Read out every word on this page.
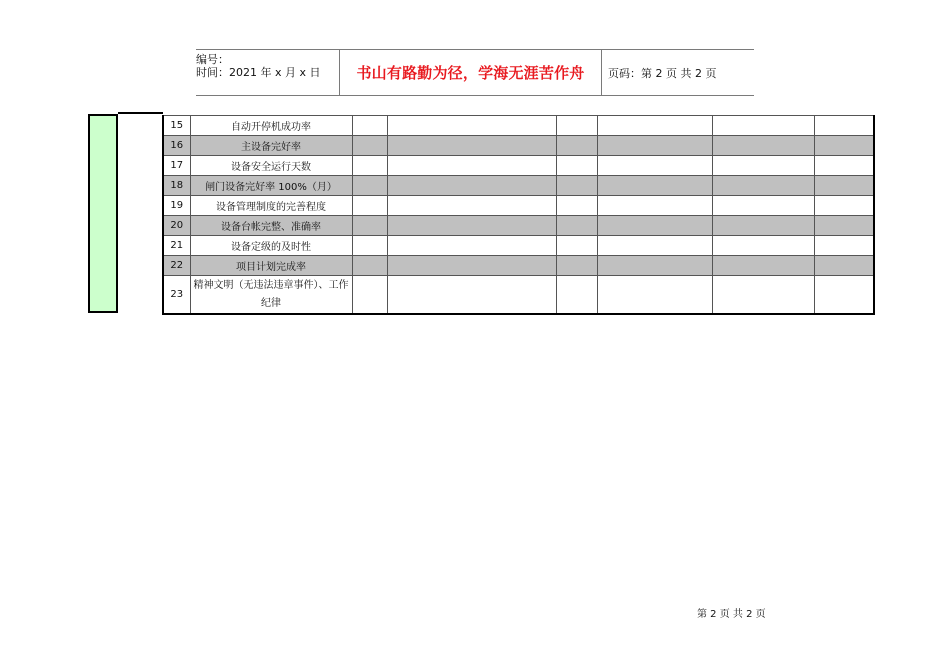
编号：
时间：2021 年 x 月 x 日	书山有路勤为径，学海无涯苦作舟 页码：第 2 页 共 2 页
15	自动开停机成功率						
16	主设备完好率						
17	设备安全运行天数						
18	闸门设备完好率 100%（月）						
19	设备管理制度的完善程度						
20	设备台帐完整、准确率						
21	设备定级的及时性						
22	项目计划完成率						
23	精神文明（无违法违章事件）、工作纪律						
第 2 页 共 2 页
